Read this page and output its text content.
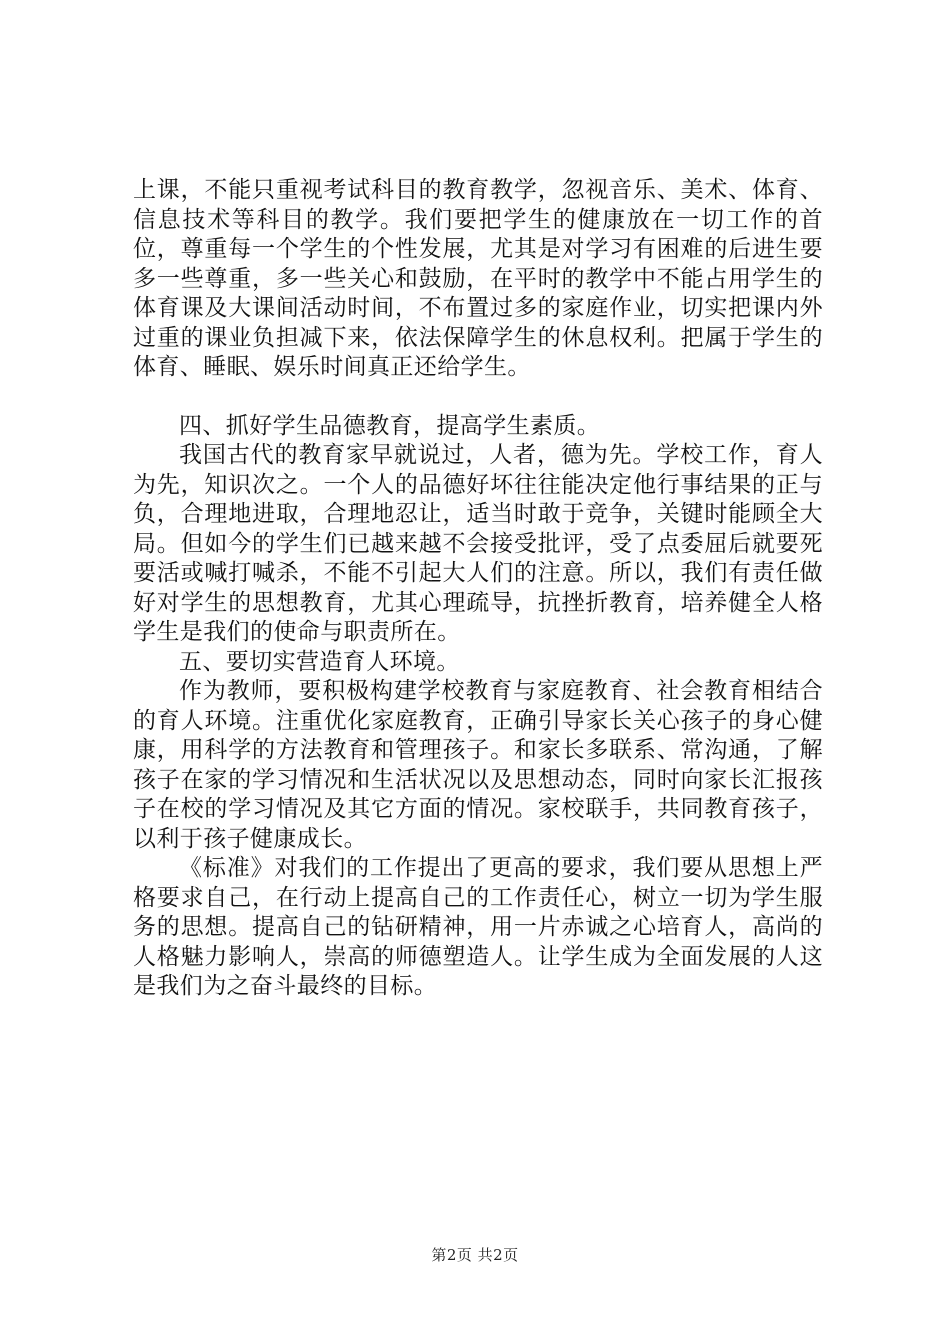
上课，不能只重视考试科目的教育教学，忽视音乐、美术、体育、信息技术等科目的教学。我们要把学生的健康放在一切工作的首位，尊重每一个学生的个性发展，尤其是对学习有困难的后进生要多一些尊重，多一些关心和鼓励，在平时的教学中不能占用学生的体育课及大课间活动时间，不布置过多的家庭作业，切实把课内外过重的课业负担减下来，依法保障学生的休息权利。把属于学生的体育、睡眠、娱乐时间真正还给学生。

四、抓好学生品德教育，提高学生素质。

我国古代的教育家早就说过，人者，德为先。学校工作，育人为先，知识次之。一个人的品德好坏往往能决定他行事结果的正与负，合理地进取，合理地忍让，适当时敢于竞争，关键时能顾全大局。但如今的学生们已越来越不会接受批评，受了点委屈后就要死要活或喊打喊杀，不能不引起大人们的注意。所以，我们有责任做好对学生的思想教育，尤其心理疏导，抗挫折教育，培养健全人格学生是我们的使命与职责所在。

五、要切实营造育人环境。

作为教师，要积极构建学校教育与家庭教育、社会教育相结合的育人环境。注重优化家庭教育，正确引导家长关心孩子的身心健康，用科学的方法教育和管理孩子。和家长多联系、常沟通，了解孩子在家的学习情况和生活状况以及思想动态，同时向家长汇报孩子在校的学习情况及其它方面的情况。家校联手，共同教育孩子，以利于孩子健康成长。

《标准》对我们的工作提出了更高的要求，我们要从思想上严格要求自己，在行动上提高自己的工作责任心，树立一切为学生服务的思想。提高自己的钻研精神，用一片赤诚之心培育人，高尚的人格魅力影响人，崇高的师德塑造人。让学生成为全面发展的人这是我们为之奋斗最终的目标。

第2页 共2页
